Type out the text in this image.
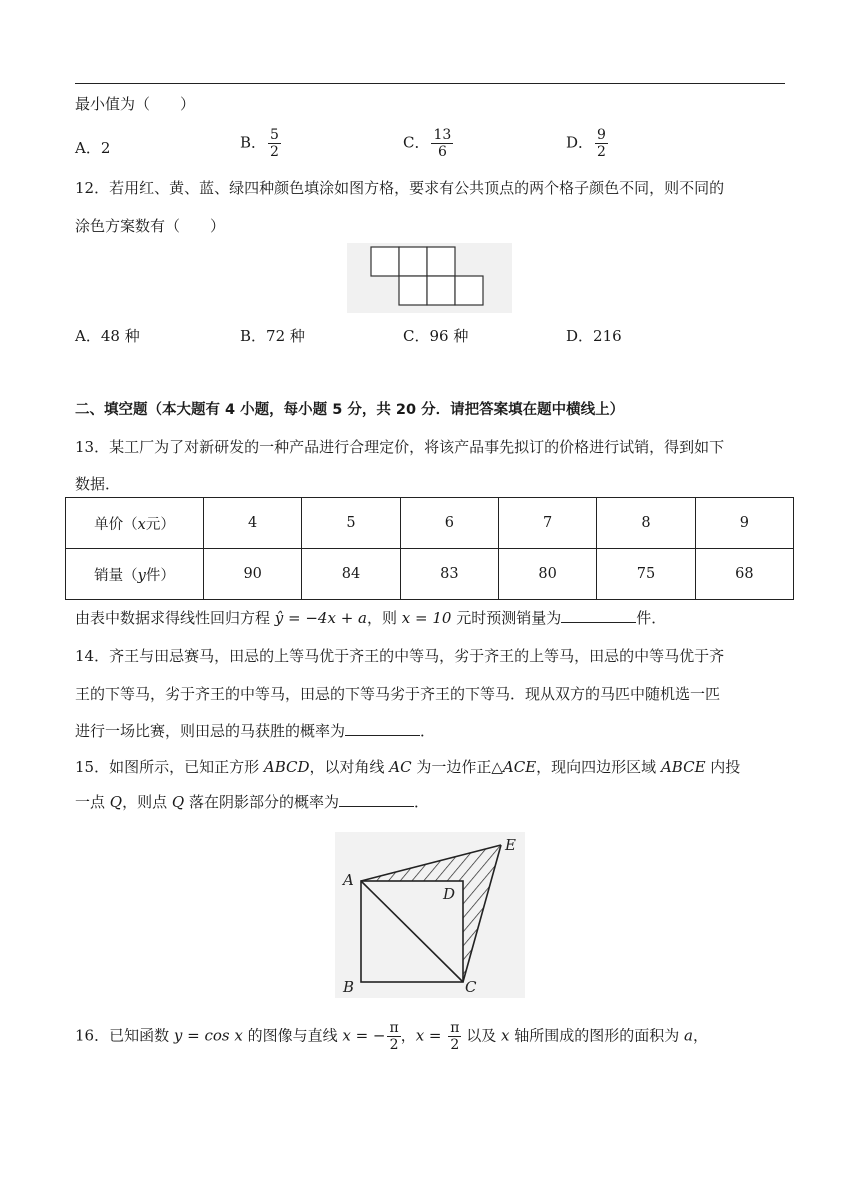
最小值为（　　）
A．2	B． $\frac{5}{2}$	C． $\frac{13}{6}$	D． $\frac{9}{2}$
12．若用红、黄、蓝、绿四种颜色填涂如图方格，要求有公共顶点的两个格子颜色不同，则不同的
涂色方案数有（　　）
A．48 种	B．72 种	C．96 种	D．216
二、填空题（本大题有 4 小题，每小题 5 分，共 20 分．请把答案填在题中横线上）
13．某工厂为了对新研发的一种产品进行合理定价，将该产品事先拟订的价格进行试销，得到如下
数据．
单价（x元）	4	5	6	7	8	9
销量（y件）	90	84	83	80	75	68
由表中数据求得线性回归方程 ŷ = −4x + a，则 x = 10 元时预测销量为	件．
14．齐王与田忌赛马，田忌的上等马优于齐王的中等马，劣于齐王的上等马，田忌的中等马优于齐
王的下等马，劣于齐王的中等马，田忌的下等马劣于齐王的下等马．现从双方的马匹中随机选一匹
进行一场比赛，则田忌的马获胜的概率为	．
15．如图所示，已知正方形 ABCD，以对角线 AC 为一边作正△ACE，现向四边形区域 ABCE 内投
一点 Q，则点 Q 落在阴影部分的概率为	．
A
B	C
D
E
16．已知函数 y = cos x 的图像与直线 x = − $\frac{\pi}{2}$ ，$x = \frac{\pi}{2}$ 以及 x 轴所围成的图形的面积为 a，
